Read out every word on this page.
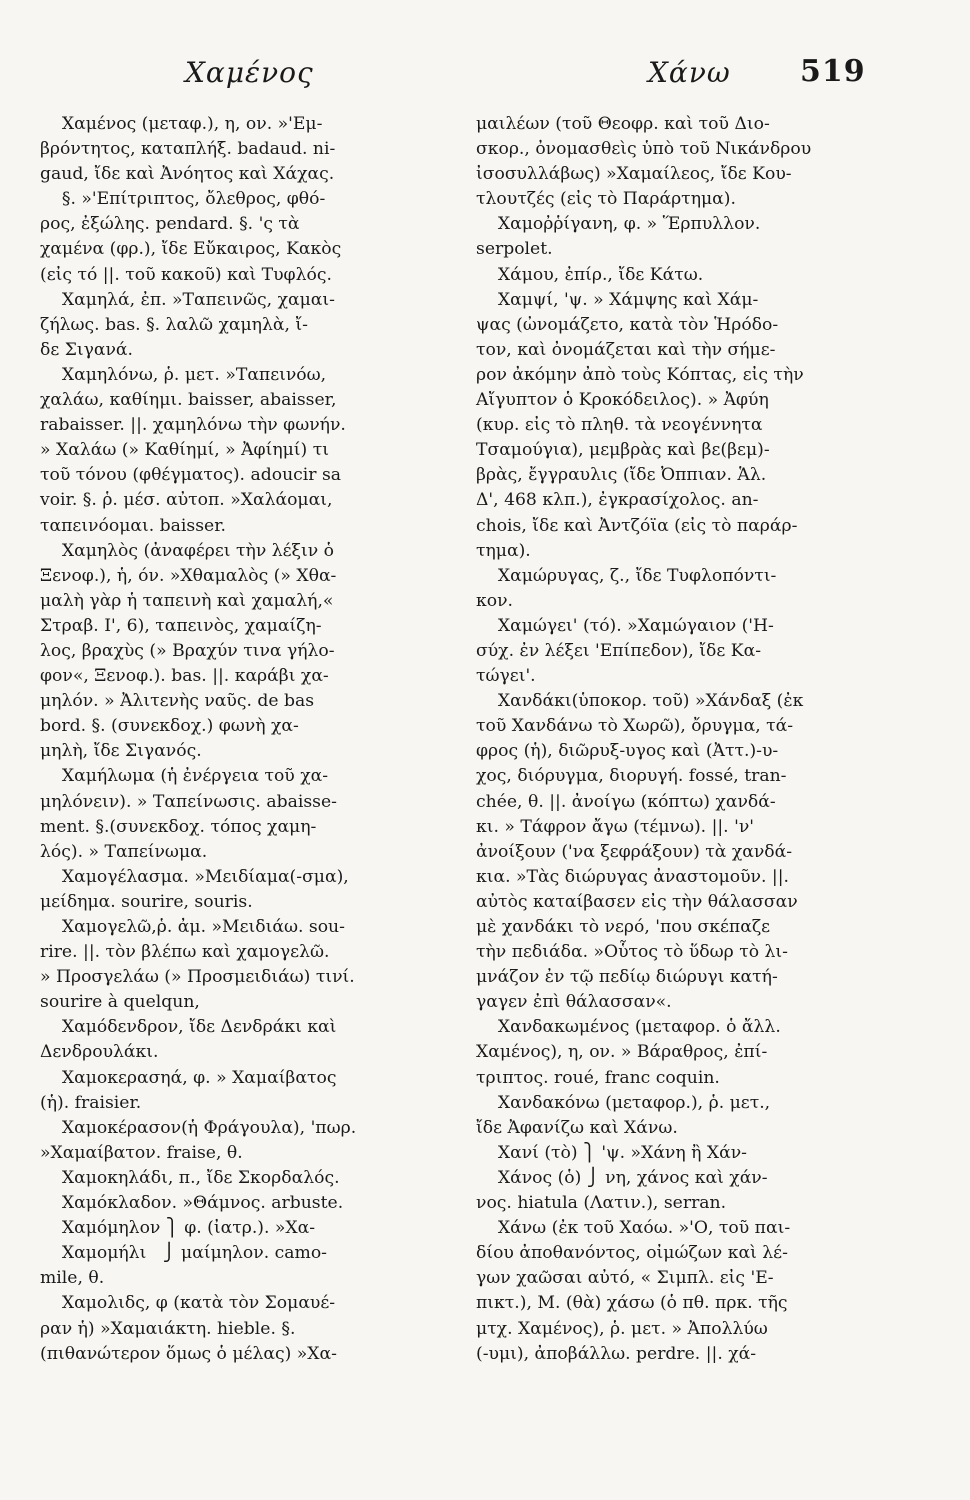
Χαμένος	Χάνω 519
Χαμένος (μεταφ.), η, ον. »'Εμ-
βρόντητος, καταπλήξ. badaud. ni-
gaud, ἴδε καὶ Ἀνόητος καὶ Χάχας.
§. »'Επίτριπτος, ὄλεθρος, φθό-
ρος, ἐξώλης. pendard. §. 'ς τὰ
χαμένα (φρ.), ἴδε Εὔκαιρος, Κακὸς
(εἰς τό ||. τοῦ κακοῦ) καὶ Τυφλός.
Χαμηλά, ἐπ. »Ταπεινῶς, χαμαι-
ζήλως. bas. §. λαλῶ χαμηλὰ, ἴ-
δε Σιγανά.
Χαμηλόνω, ῥ. μετ. »Ταπεινόω,
χαλάω, καθίημι. baisser, abaisser,
rabaisser. ||. χαμηλόνω τὴν φωνήν.
» Χαλάω (» Καθίημί, » Ἀφίημί) τι
τοῦ τόνου (φθέγματος). adoucir sa
voir. §. ῥ. μέσ. αὐτοπ. »Χαλάομαι,
ταπεινόομαι. baisser.
Χαμηλὸς (ἀναφέρει τὴν λέξιν ὁ
Ξενοφ.), ἡ, όν. »Χθαμαλὸς (» Χθα-
μαλὴ γὰρ ἡ ταπεινὴ καὶ χαμαλή,«
Στραβ. Ι', 6), ταπεινὸς, χαμαίζη-
λος, βραχὺς (» Βραχύν τινα γήλο-
φον«, Ξενοφ.). bas. ||. καράβι χα-
μηλόν. » Ἀλιτενὴς ναῦς. de bas
bord. §. (συνεκδοχ.) φωνὴ χα-
μηλὴ, ἴδε Σιγανός.
Χαμήλωμα (ἡ ἐνέργεια τοῦ χα-
μηλόνειν). » Ταπείνωσις. abaisse-
ment. §.(συνεκδοχ. τόπος χαμη-
λός). » Ταπείνωμα.
Χαμογέλασμα. »Μειδίαμα(-σμα),
μείδημα. sourire, souris.
Χαμογελῶ,ῥ. ἀμ. »Μειδιάω. sou-
rire. ||. τὸν βλέπω καὶ χαμογελῶ.
» Προσγελάω (» Προσμειδιάω) τινί.
sourire à quelqun,
Χαμόδενδρον, ἴδε Δενδράκι καὶ
Δενδρουλάκι.
Χαμοκερασηά, φ. » Χαμαίβατος
(ἡ). fraisier.
Χαμοκέρασον(ἡ Φράγουλα), 'πωρ.
»Χαμαίβατον. fraise, θ.
Χαμοκηλάδι, π., ἴδε Σκορδαλός.
Χαμόκλαδον. »Θάμνος. arbuste.
Χαμόμηλον ⎫ φ. (ἰατρ.). »Χα-
Χαμομήλι   ⎭ μαίμηλον. camo-
mile, θ.
Χαμολιδς, φ (κατὰ τὸν Σομαυέ-
ραν ἡ) »Χαμαιάκτη. hieble. §.
(πιθανώτερον ὅμως ὁ μέλας) »Χα-
μαιλέων (τοῦ Θεοφρ. καὶ τοῦ Διο-
σκορ., ὀνομασθεὶς ὑπὸ τοῦ Νικάνδρου
ἰσοσυλλάβως) »Χαμαίλεος, ἴδε Κου-
τλουτζές (εἰς τὸ Παράρτημα).
Χαμοῤῥίγανη, φ. » Ἕρπυλλον.
serpolet.
Χάμου, ἐπίρ., ἴδε Κάτω.
Χαμψί, 'ψ. » Χάμψης καὶ Χάμ-
ψας (ὠνομάζετο, κατὰ τὸν Ἡρόδο-
τον, καὶ ὀνομάζεται καὶ τὴν σήμε-
ρον ἀκόμην ἀπὸ τοὺς Κόπτας, εἰς τὴν
Αἴγυπτον ὁ Κροκόδειλος). » Ἀφύη
(κυρ. εἰς τὸ πληθ. τὰ νεογέννητα
Τσαμούγια), μεμβρὰς καὶ βε(βεμ)-
βρὰς, ἔγγραυλις (ἴδε Ὀππιαν. Ἁλ.
Δ', 468 κλπ.), ἐγκρασίχολος. an-
chois, ἴδε καὶ Ἀντζόϊα (εἰς τὸ παράρ-
τημα).
Χαμώρυγας, ζ., ἴδε Τυφλοπόντι-
κον.
Χαμώγει' (τό). »Χαμώγαιον ('Η-
σύχ. ἐν λέξει 'Επίπεδον), ἴδε Κα-
τώγει'.
Χανδάκι(ὑποκορ. τοῦ) »Χάνδαξ (ἐκ
τοῦ Χανδάνω τὸ Χωρῶ), ὄρυγμα, τά-
φρος (ἡ), διῶρυξ-υγος καὶ (Ἀττ.)-υ-
χος, διόρυγμα, διορυγή. fossé, tran-
chée, θ. ||. ἀνοίγω (κόπτω) χανδά-
κι. » Τάφρον ἄγω (τέμνω). ||. 'ν'
ἀνοίξουν ('να ξεφράξουν) τὰ χανδά-
κια. »Τὰς διώρυγας ἀναστομοῦν. ||.
αὐτὸς καταίβασεν εἰς τὴν θάλασσαν
μὲ χανδάκι τὸ νερό, 'που σκέπαζε
τὴν πεδιάδα. »Οὗτος τὸ ὕδωρ τὸ λι-
μνάζον ἐν τῷ πεδίῳ διώρυγι κατή-
γαγεν ἐπὶ θάλασσαν«.
Χανδακωμένος (μεταφορ. ὁ ἄλλ.
Χαμένος), η, ον. » Βάραθρος, ἐπί-
τριπτος. roué, franc coquin.
Χανδακόνω (μεταφορ.), ῥ. μετ.,
ἴδε Ἀφανίζω καὶ Χάνω.
Χανί (τὸ) ⎫ 'ψ. »Χάνη ἢ Χάν-
Χάνος (ὁ) ⎭ νη, χάνος καὶ χάν-
νος. hiatula (Λατιν.), serran.
Χάνω (ἐκ τοῦ Χαόω. »'Ο, τοῦ παι-
δίου ἀποθανόντος, οἰμώζων καὶ λέ-
γων χαῶσαι αὐτό, « Σιμπλ. εἰς 'Ε-
πικτ.), Μ. (θὰ) χάσω (ὁ πθ. πρκ. τῆς
μτχ. Χαμένος), ῥ. μετ. » Ἀπολλύω
(-υμι), ἀποβάλλω. perdre. ||. χά-
